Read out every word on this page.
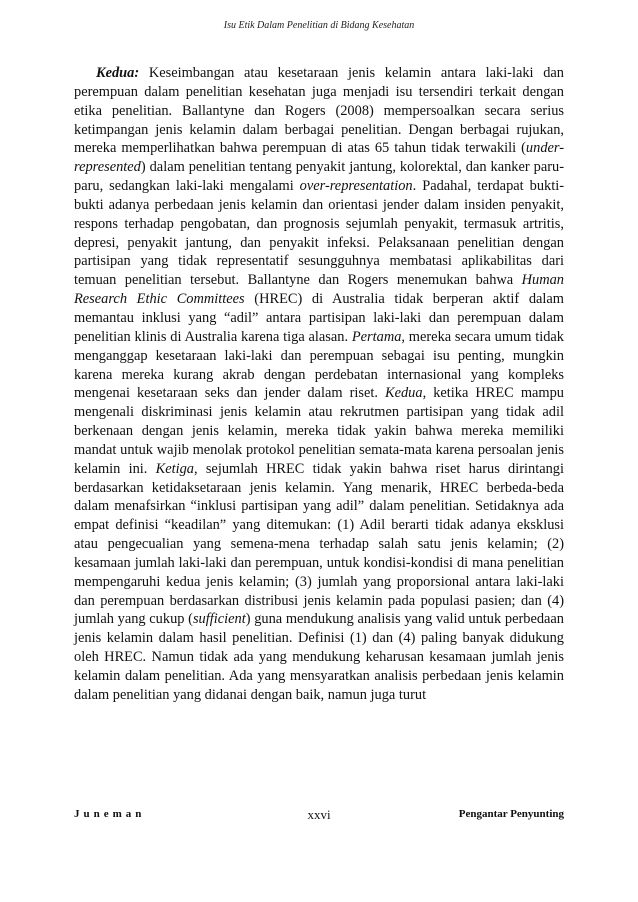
Isu Etik Dalam Penelitian di Bidang Kesehatan
Kedua: Keseimbangan atau kesetaraan jenis kelamin antara laki-laki dan perempuan dalam penelitian kesehatan juga menjadi isu tersendiri terkait dengan etika penelitian. Ballantyne dan Rogers (2008) mempersoalkan secara serius ketimpangan jenis kelamin dalam berbagai penelitian. Dengan berbagai rujukan, mereka memperlihatkan bahwa perempuan di atas 65 tahun tidak terwakili (under-represented) dalam penelitian tentang penyakit jantung, kolorektal, dan kanker paru-paru, sedangkan laki-laki mengalami over-representation. Padahal, terdapat bukti-bukti adanya perbedaan jenis kelamin dan orientasi jender dalam insiden penyakit, respons terhadap pengobatan, dan prognosis sejumlah penyakit, termasuk artritis, depresi, penyakit jantung, dan penyakit infeksi. Pelaksanaan penelitian dengan partisipan yang tidak representatif sesungguhnya membatasi aplikabilitas dari temuan penelitian tersebut. Ballantyne dan Rogers menemukan bahwa Human Research Ethic Committees (HREC) di Australia tidak berperan aktif dalam memantau inklusi yang “adil” antara partisipan laki-laki dan perempuan dalam penelitian klinis di Australia karena tiga alasan. Pertama, mereka secara umum tidak menganggap kesetaraan laki-laki dan perempuan sebagai isu penting, mungkin karena mereka kurang akrab dengan perdebatan internasional yang kompleks mengenai kesetaraan seks dan jender dalam riset. Kedua, ketika HREC mampu mengenali diskriminasi jenis kelamin atau rekrutmen partisipan yang tidak adil berkenaan dengan jenis kelamin, mereka tidak yakin bahwa mereka memiliki mandat untuk wajib menolak protokol penelitian semata-mata karena persoalan jenis kelamin ini. Ketiga, sejumlah HREC tidak yakin bahwa riset harus dirintangi berdasarkan ketidaksetaraan jenis kelamin. Yang menarik, HREC berbeda-beda dalam menafsirkan “inklusi partisipan yang adil” dalam penelitian. Setidaknya ada empat definisi “keadilan” yang ditemukan: (1) Adil berarti tidak adanya eksklusi atau pengecualian yang semena-mena terhadap salah satu jenis kelamin; (2) kesamaan jumlah laki-laki dan perempuan, untuk kondisi-kondisi di mana penelitian mempengaruhi kedua jenis kelamin; (3) jumlah yang proporsional antara laki-laki dan perempuan berdasarkan distribusi jenis kelamin pada populasi pasien; dan (4) jumlah yang cukup (sufficient) guna mendukung analisis yang valid untuk perbedaan jenis kelamin dalam hasil penelitian. Definisi (1) dan (4) paling banyak didukung oleh HREC. Namun tidak ada yang mendukung keharusan kesamaan jumlah jenis kelamin dalam penelitian. Ada yang mensyaratkan analisis perbedaan jenis kelamin dalam penelitian yang didanai dengan baik, namun juga turut
Juneman	xxvi	Pengantar Penyunting
